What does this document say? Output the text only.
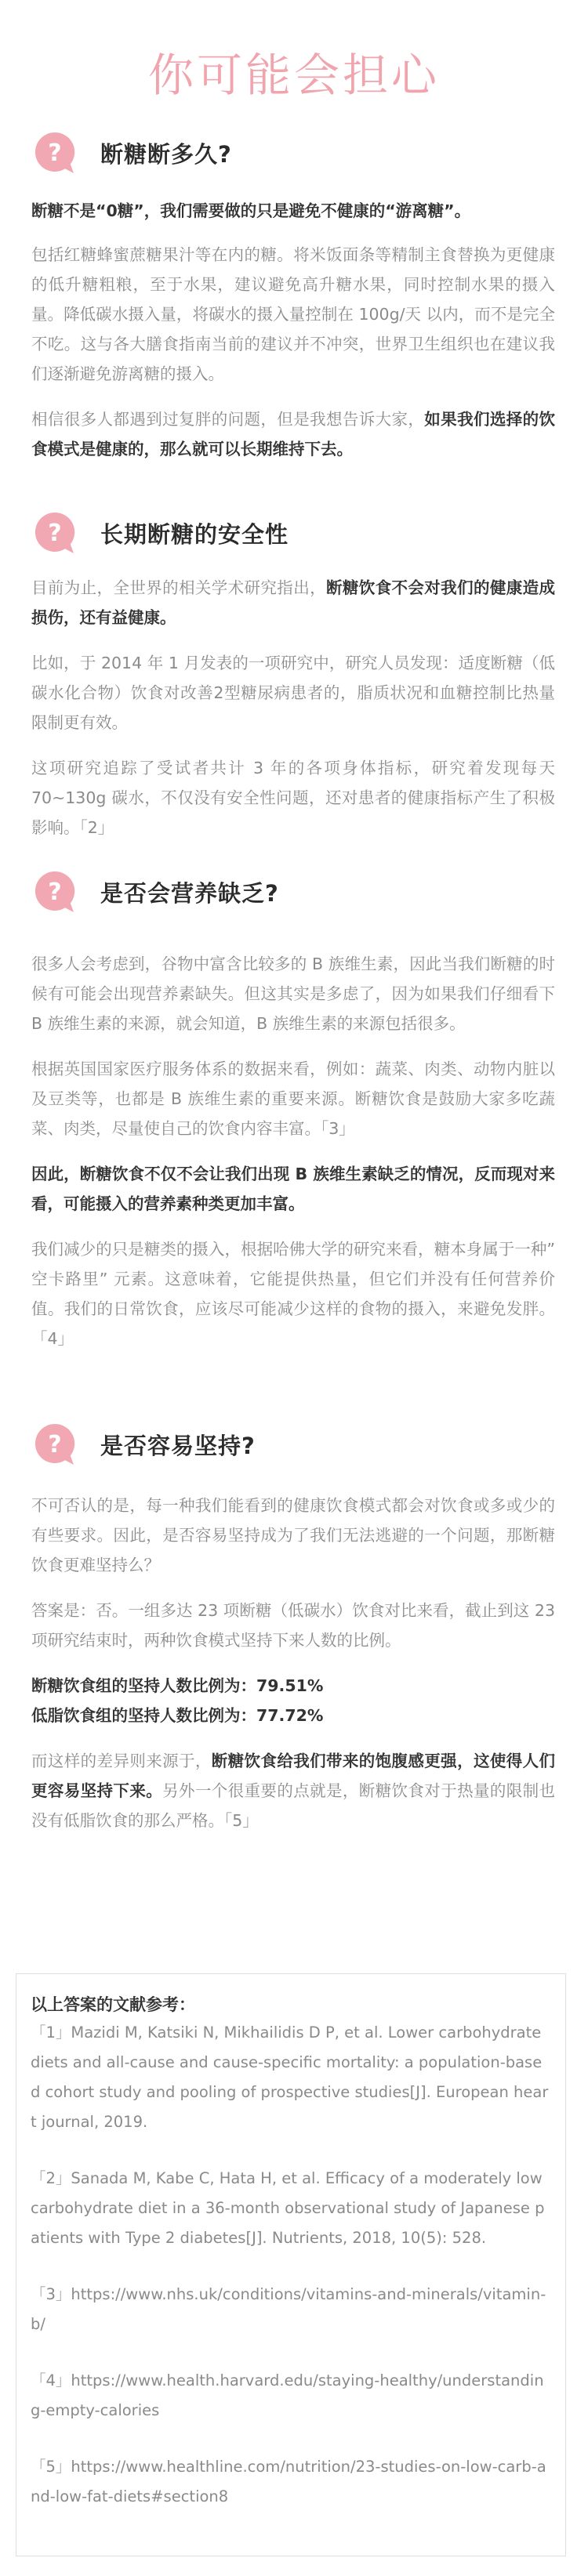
你可能会担心
? 断糖断多久?

断糖不是“0糖”，我们需要做的只是避免不健康的“游离糖”。

包括红糖蜂蜜蔗糖果汁等在内的糖。将米饭面条等精制主食替换为更健康的低升糖粗粮，至于水果，建议避免高升糖水果，同时控制水果的摄入量。降低碳水摄入量，将碳水的摄入量控制在 100g/天 以内，而不是完全不吃。这与各大膳食指南当前的建议并不冲突，世界卫生组织也在建议我们逐渐避免游离糖的摄入。

相信很多人都遇到过复胖的问题，但是我想告诉大家，如果我们选择的饮食模式是健康的，那么就可以长期维持下去。

? 长期断糖的安全性

目前为止，全世界的相关学术研究指出，断糖饮食不会对我们的健康造成损伤，还有益健康。

比如，于 2014 年 1 月发表的一项研究中，研究人员发现：适度断糖（低碳水化合物）饮食对改善2型糖尿病患者的，脂质状况和血糖控制比热量限制更有效。

这项研究追踪了受试者共计 3 年的各项身体指标，研究着发现每天 70~130g 碳水，不仅没有安全性问题，还对患者的健康指标产生了积极影响。「2」

? 是否会营养缺乏?

很多人会考虑到，谷物中富含比较多的 B 族维生素，因此当我们断糖的时候有可能会出现营养素缺失。但这其实是多虑了，因为如果我们仔细看下 B 族维生素的来源，就会知道，B 族维生素的来源包括很多。

根据英国国家医疗服务体系的数据来看，例如：蔬菜、肉类、动物内脏以及豆类等，也都是 B 族维生素的重要来源。断糖饮食是鼓励大家多吃蔬菜、肉类，尽量使自己的饮食内容丰富。「3」

因此，断糖饮食不仅不会让我们出现 B 族维生素缺乏的情况，反而现对来看，可能摄入的营养素种类更加丰富。

我们减少的只是糖类的摄入，根据哈佛大学的研究来看，糖本身属于一种” 空卡路里” 元素。这意味着，它能提供热量，但它们并没有任何营养价值。我们的日常饮食，应该尽可能减少这样的食物的摄入，来避免发胖。「4」

? 是否容易坚持?

不可否认的是，每一种我们能看到的健康饮食模式都会对饮食或多或少的有些要求。因此，是否容易坚持成为了我们无法逃避的一个问题，那断糖饮食更难坚持么？

答案是：否。一组多达 23 项断糖（低碳水）饮食对比来看，截止到这 23 项研究结束时，两种饮食模式坚持下来人数的比例。

断糖饮食组的坚持人数比例为：79.51%

低脂饮食组的坚持人数比例为：77.72%

而这样的差异则来源于，断糖饮食给我们带来的饱腹感更强，这使得人们更容易坚持下来。另外一个很重要的点就是，断糖饮食对于热量的限制也没有低脂饮食的那么严格。「5」

以上答案的文献参考：

「1」Mazidi M, Katsiki N, Mikhailidis D P, et al. Lower carbohydrate diets and all-cause and cause-specific mortality: a population-based cohort study and pooling of prospective studies[J]. European heart journal, 2019.

「2」Sanada M, Kabe C, Hata H, et al. Efficacy of a moderately low carbohydrate diet in a 36-month observational study of Japanese patients with Type 2 diabetes[J]. Nutrients, 2018, 10(5): 528.

「3」https://www.nhs.uk/conditions/vitamins-and-minerals/vitamin-b/

「4」https://www.health.harvard.edu/staying-healthy/understanding-empty-calories

「5」https://www.healthline.com/nutrition/23-studies-on-low-carb-and-low-fat-diets#section8
